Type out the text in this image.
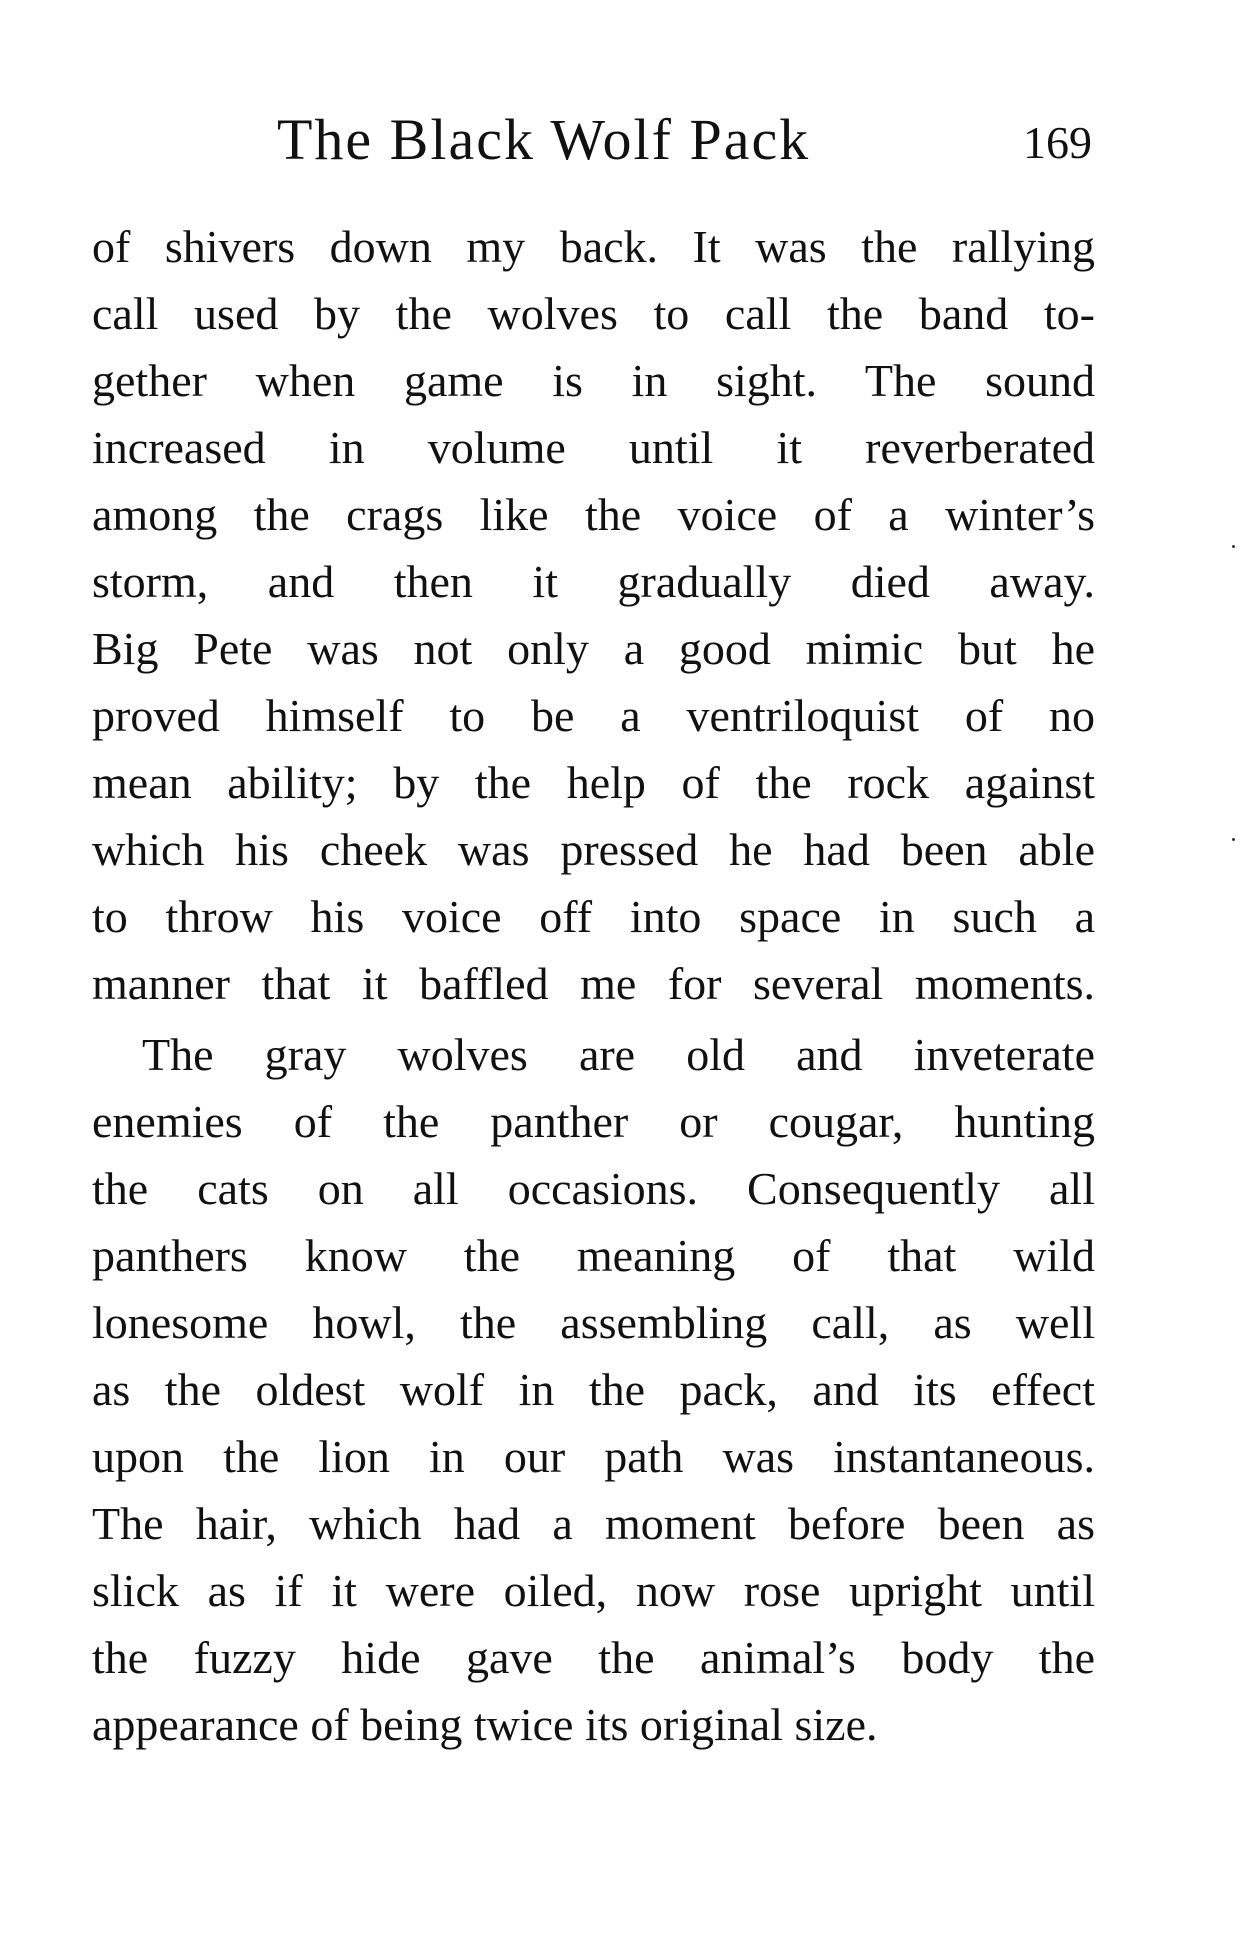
The Black Wolf Pack	169
of shivers down my back. It was the rallying
call used by the wolves to call the band to-
gether when game is in sight. The sound
increased in volume until it reverberated
among the crags like the voice of a winter’s
storm, and then it gradually died away.
Big Pete was not only a good mimic but he
proved himself to be a ventriloquist of no
mean ability; by the help of the rock against
which his cheek was pressed he had been able
to throw his voice off into space in such a
manner that it baffled me for several moments.
The gray wolves are old and inveterate
enemies of the panther or cougar, hunting
the cats on all occasions. Consequently all
panthers know the meaning of that wild
lonesome howl, the assembling call, as well
as the oldest wolf in the pack, and its effect
upon the lion in our path was instantaneous.
The hair, which had a moment before been as
slick as if it were oiled, now rose upright until
the fuzzy hide gave the animal’s body the
appearance of being twice its original size.
